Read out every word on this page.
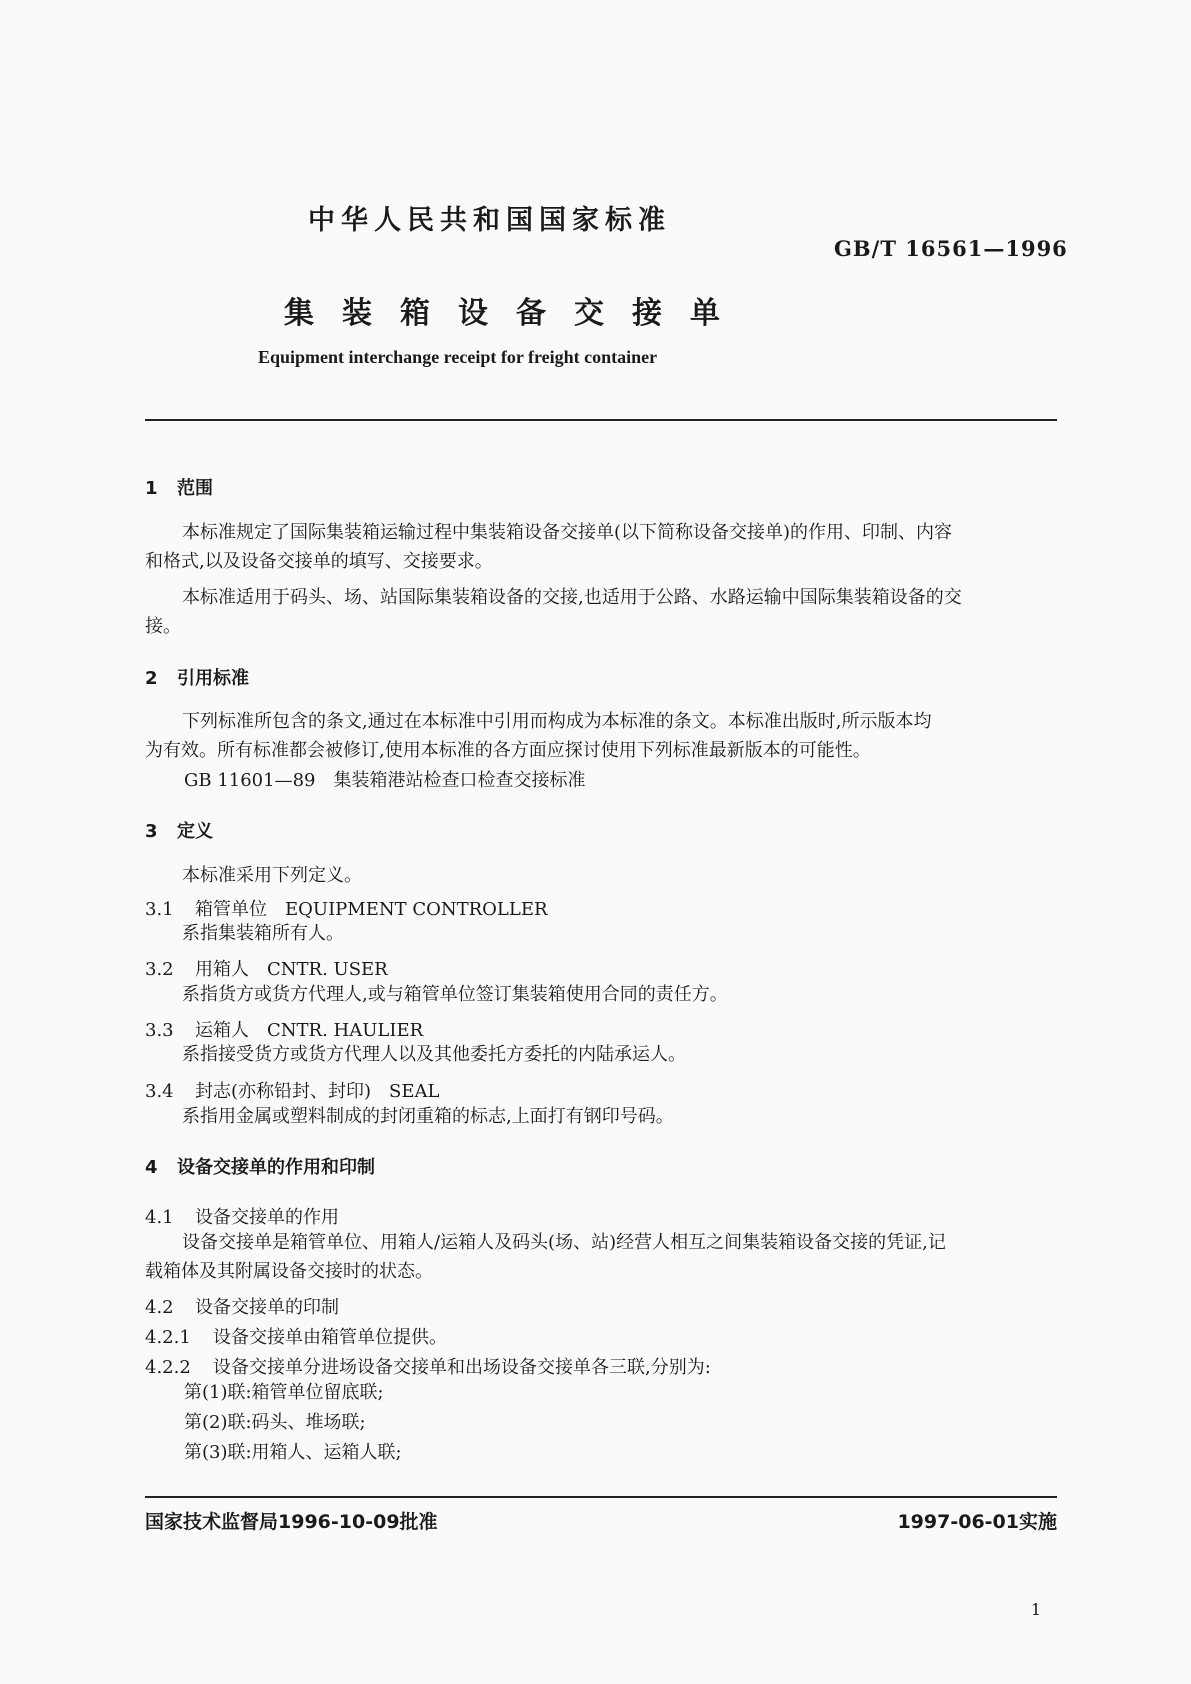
中华人民共和国国家标准
GB/T 16561—1996
集装箱设备交接单
Equipment interchange receipt for freight container
1 范围
本标准规定了国际集装箱运输过程中集装箱设备交接单(以下简称设备交接单)的作用、印制、内容
和格式,以及设备交接单的填写、交接要求。
本标准适用于码头、场、站国际集装箱设备的交接,也适用于公路、水路运输中国际集装箱设备的交
接。
2 引用标准
下列标准所包含的条文,通过在本标准中引用而构成为本标准的条文。本标准出版时,所示版本均
为有效。所有标准都会被修订,使用本标准的各方面应探讨使用下列标准最新版本的可能性。
GB 11601—89 集装箱港站检查口检查交接标准
3 定义
本标准采用下列定义。
3.1 箱管单位 EQUIPMENT CONTROLLER
系指集装箱所有人。
3.2 用箱人 CNTR. USER
系指货方或货方代理人,或与箱管单位签订集装箱使用合同的责任方。
3.3 运箱人 CNTR. HAULIER
系指接受货方或货方代理人以及其他委托方委托的内陆承运人。
3.4 封志(亦称铅封、封印) SEAL
系指用金属或塑料制成的封闭重箱的标志,上面打有钢印号码。
4 设备交接单的作用和印制
4.1 设备交接单的作用
设备交接单是箱管单位、用箱人/运箱人及码头(场、站)经营人相互之间集装箱设备交接的凭证,记
载箱体及其附属设备交接时的状态。
4.2 设备交接单的印制
4.2.1 设备交接单由箱管单位提供。
4.2.2 设备交接单分进场设备交接单和出场设备交接单各三联,分别为:
第(1)联:箱管单位留底联;
第(2)联:码头、堆场联;
第(3)联:用箱人、运箱人联;
国家技术监督局1996-10-09批准	1997-06-01实施
1
